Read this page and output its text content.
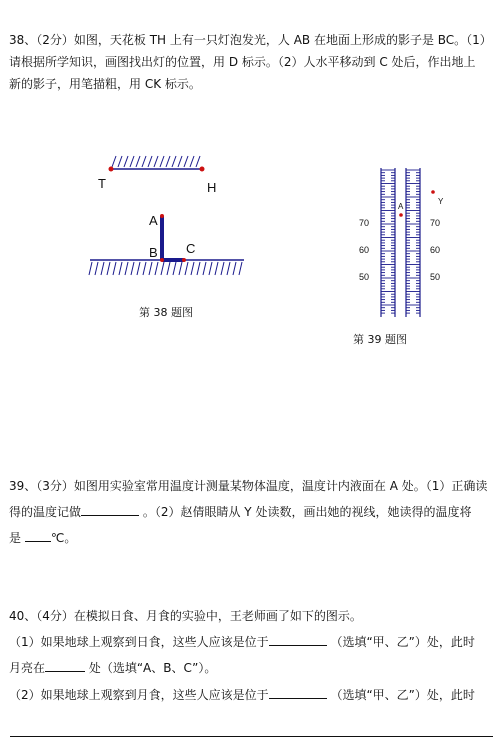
38、（2分）如图，天花板 TH 上有一只灯泡发光，人 AB 在地面上形成的影子是 BC。（1）
请根据所学知识，画图找出灯的位置，用 D 标示。（2）人水平移动到 C 处后，作出地上
新的影子，用笔描粗，用 CK 标示。
T	H
A
B C
第 38 题图
A
Y
70
60
50
70
60
50
第 39 题图
39、（3分）如图用实验室常用温度计测量某物体温度，温度计内液面在 A 处。（1）正确读
得的温度记做	。（2）赵倩眼睛从 Y 处读数，画出她的视线，她读得的温度将
是 ℃。
40、（4分）在模拟日食、月食的实验中，王老师画了如下的图示。
（1）如果地球上观察到日食，这些人应该是位于	（选填“甲、乙”）处，此时
月亮在	处（选填“A、B、C”）。
（2）如果地球上观察到月食，这些人应该是位于	（选填“甲、乙”）处，此时
